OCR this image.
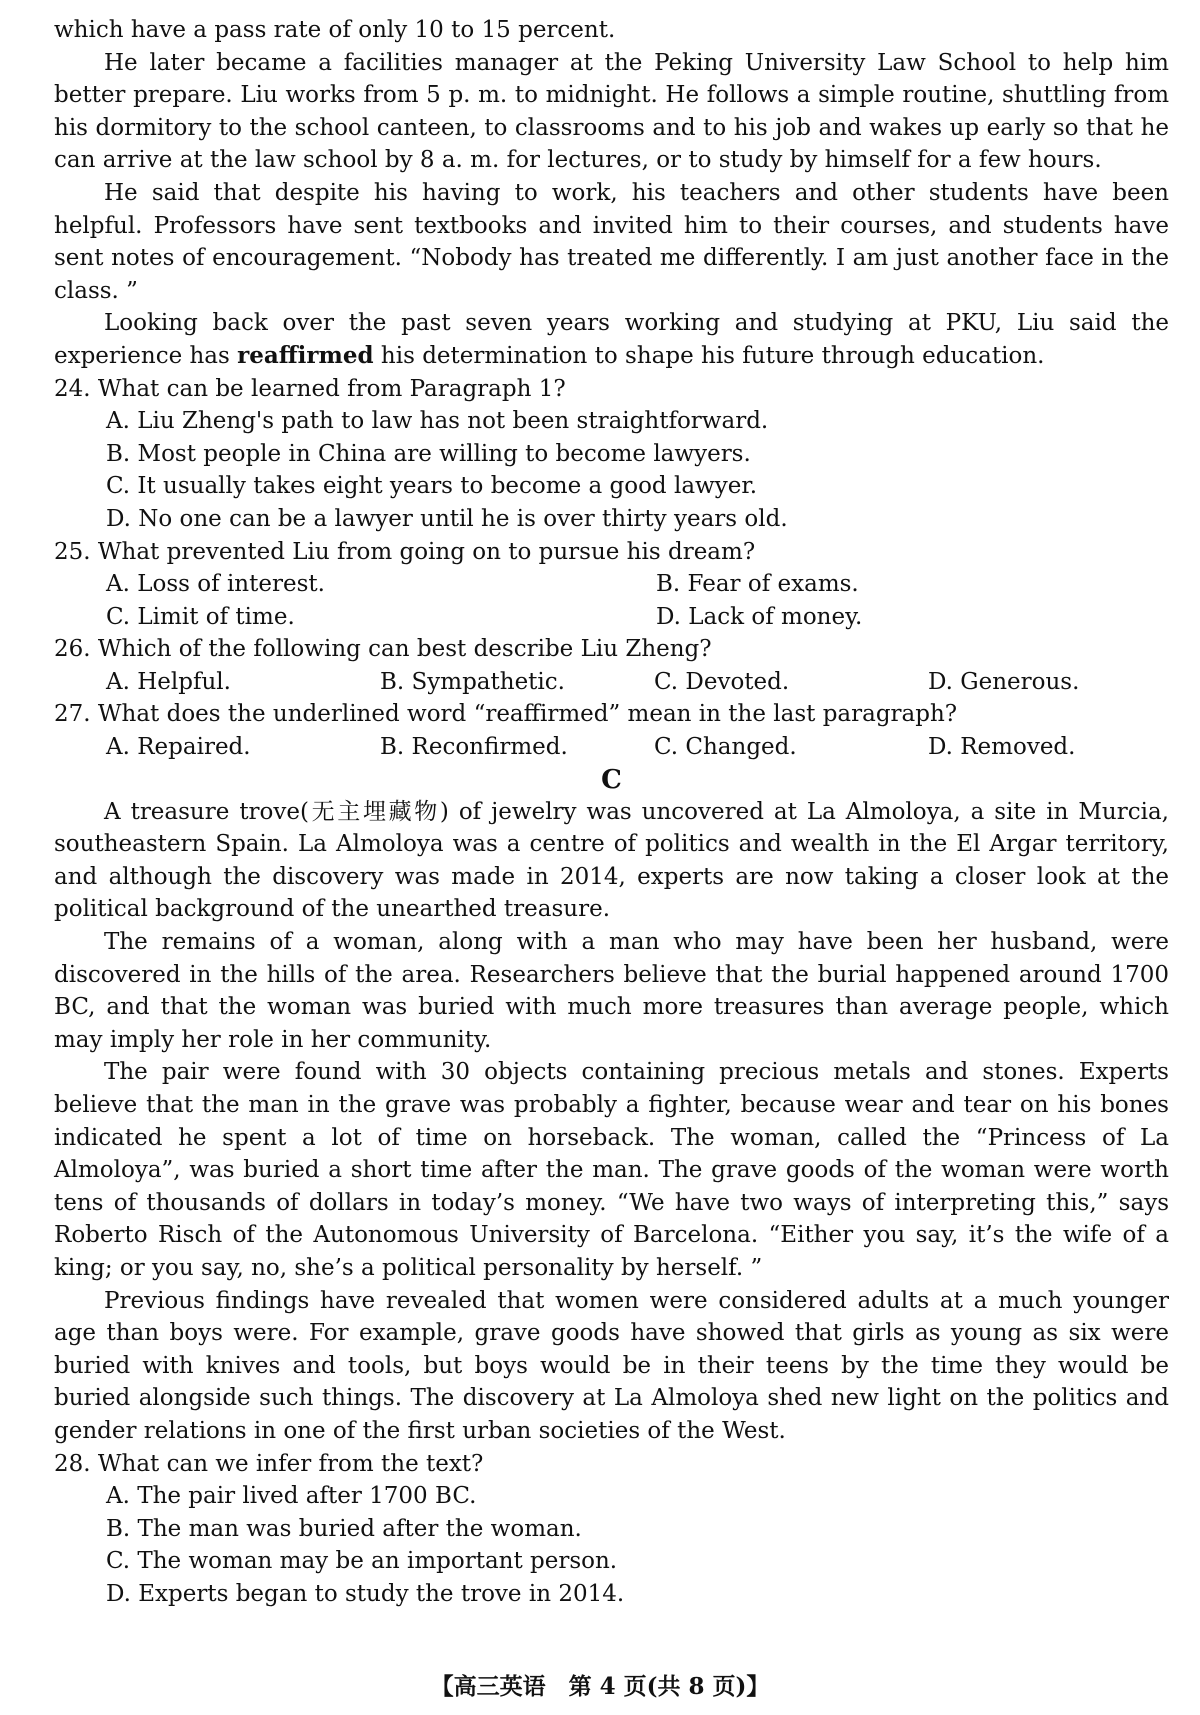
which have a pass rate of only 10 to 15 percent.

He later became a facilities manager at the Peking University Law School to help him better prepare. Liu works from 5 p. m. to midnight. He follows a simple routine, shuttling from his dormitory to the school canteen, to classrooms and to his job and wakes up early so that he can arrive at the law school by 8 a. m. for lectures, or to study by himself for a few hours.

He said that despite his having to work, his teachers and other students have been helpful. Professors have sent textbooks and invited him to their courses, and students have sent notes of encouragement. “Nobody has treated me differently. I am just another face in the class. ”

Looking back over the past seven years working and studying at PKU, Liu said the experience has reaffirmed his determination to shape his future through education.

24. What can be learned from Paragraph 1?

A. Liu Zheng's path to law has not been straightforward.
B. Most people in China are willing to become lawyers.
C. It usually takes eight years to become a good lawyer.
D. No one can be a lawyer until he is over thirty years old.

25. What prevented Liu from going on to pursue his dream?

A. Loss of interest.	B. Fear of exams.
C. Limit of time.	D. Lack of money.

26. Which of the following can best describe Liu Zheng?

A. Helpful.	B. Sympathetic.	C. Devoted.	D. Generous.

27. What does the underlined word “reaffirmed” mean in the last paragraph?

A. Repaired.	B. Reconfirmed.	C. Changed.	D. Removed.

C

A treasure trove(无主埋藏物) of jewelry was uncovered at La Almoloya, a site in Murcia, southeastern Spain. La Almoloya was a centre of politics and wealth in the El Argar territory, and although the discovery was made in 2014, experts are now taking a closer look at the political background of the unearthed treasure.

The remains of a woman, along with a man who may have been her husband, were discovered in the hills of the area. Researchers believe that the burial happened around 1700 BC, and that the woman was buried with much more treasures than average people, which may imply her role in her community.

The pair were found with 30 objects containing precious metals and stones. Experts believe that the man in the grave was probably a fighter, because wear and tear on his bones indicated he spent a lot of time on horseback. The woman, called the “Princess of La Almoloya”, was buried a short time after the man. The grave goods of the woman were worth tens of thousands of dollars in today’s money. “We have two ways of interpreting this,” says Roberto Risch of the Autonomous University of Barcelona. “Either you say, it’s the wife of a king; or you say, no, she’s a political personality by herself. ”

Previous findings have revealed that women were considered adults at a much younger age than boys were. For example, grave goods have showed that girls as young as six were buried with knives and tools, but boys would be in their teens by the time they would be buried alongside such things. The discovery at La Almoloya shed new light on the politics and gender relations in one of the first urban societies of the West.

28. What can we infer from the text?

A. The pair lived after 1700 BC.
B. The man was buried after the woman.
C. The woman may be an important person.
D. Experts began to study the trove in 2014.
【高三英语　第 4 页(共 8 页)】
